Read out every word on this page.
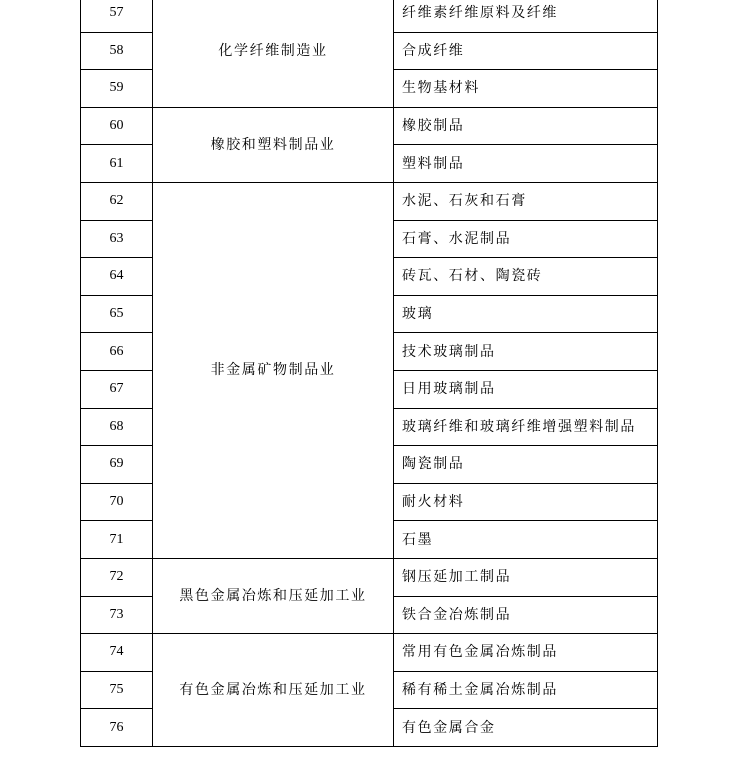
57	化学纤维制造业	纤维素纤维原料及纤维
58		合成纤维
59		生物基材料
60	橡胶和塑料制品业	橡胶制品
61		塑料制品
62	非金属矿物制品业	水泥、石灰和石膏
63		石膏、水泥制品
64		砖瓦、石材、陶瓷砖
65		玻璃
66		技术玻璃制品
67		日用玻璃制品
68		玻璃纤维和玻璃纤维增强塑料制品
69		陶瓷制品
70		耐火材料
71		石墨
72	黑色金属冶炼和压延加工业	钢压延加工制品
73		铁合金冶炼制品
74	有色金属冶炼和压延加工业	常用有色金属冶炼制品
75		稀有稀土金属冶炼制品
76		有色金属合金
